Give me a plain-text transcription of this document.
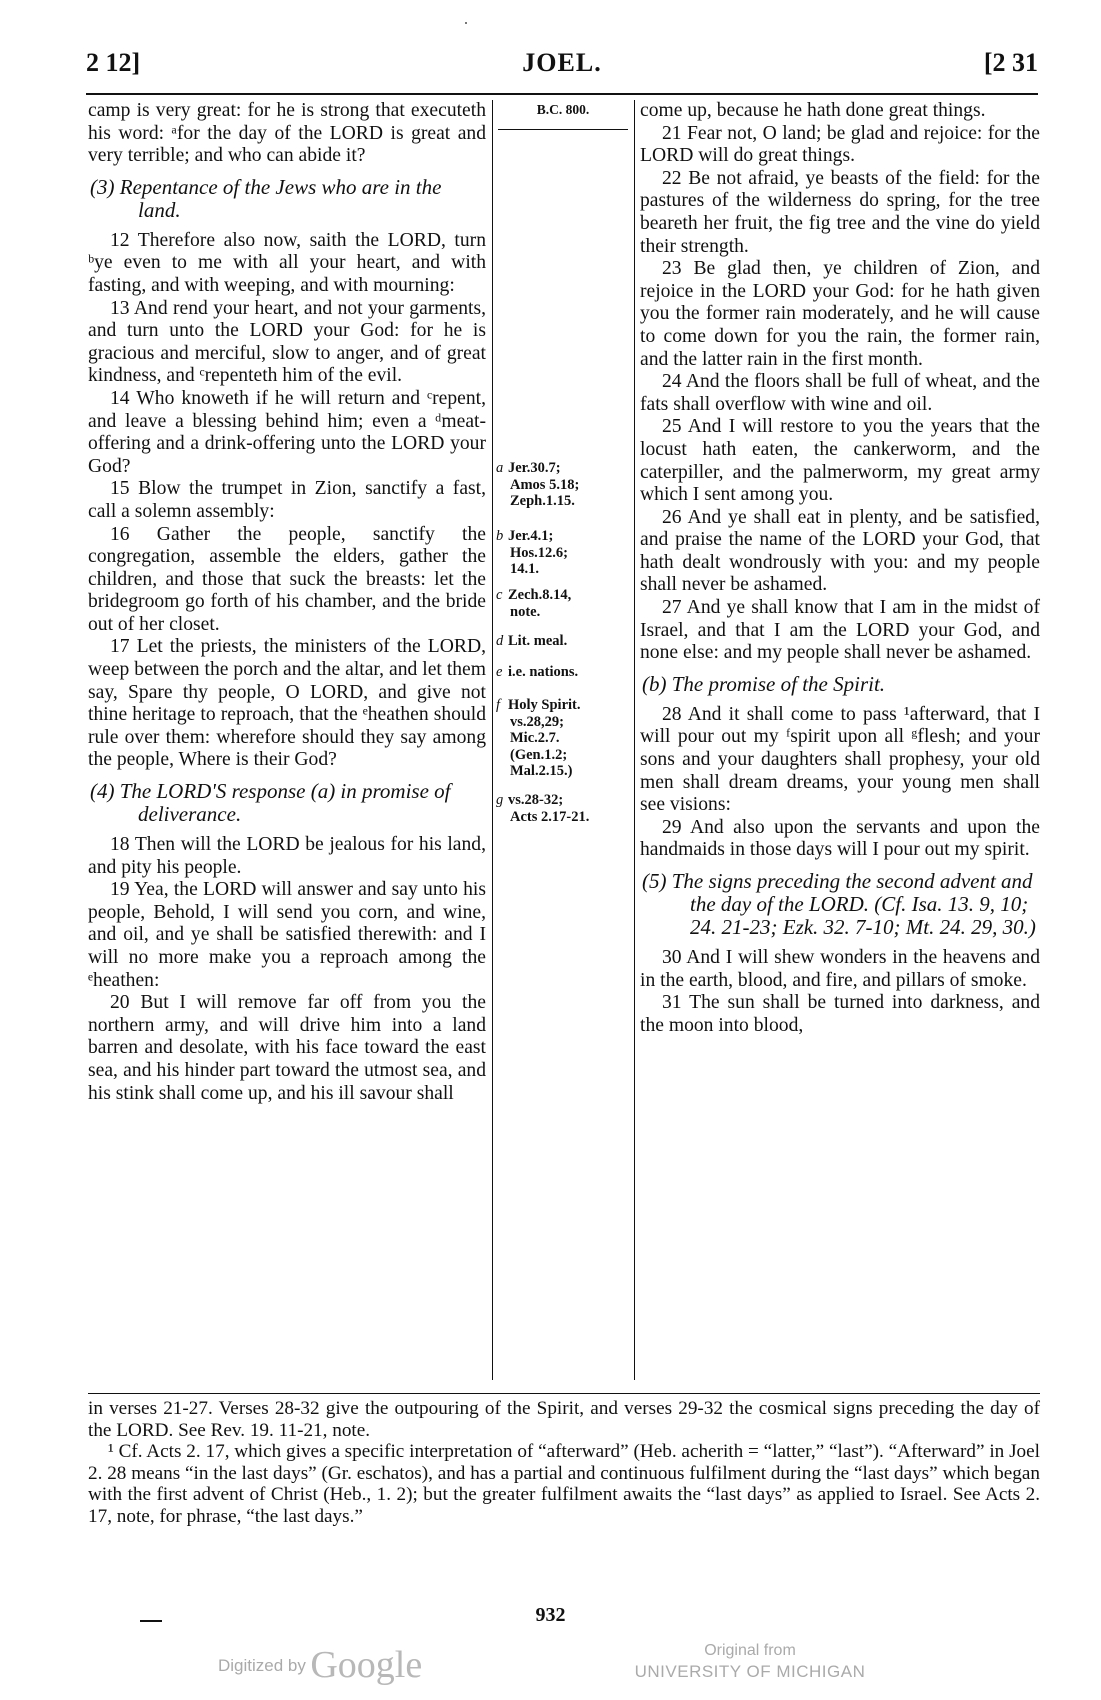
2 12]	JOEL.	[2 31

camp is very great: for he is strong that executeth his word: ᵃfor the day of the LORD is great and very terrible; and who can abide it?

(3) Repentance of the Jews who are in the land.

12 Therefore also now, saith the LORD, turn ᵇye even to me with all your heart, and with fasting, and with weeping, and with mourning:

13 And rend your heart, and not your garments, and turn unto the LORD your God: for he is gracious and merciful, slow to anger, and of great kindness, and ᶜrepenteth him of the evil.

14 Who knoweth if he will return and ᶜrepent, and leave a blessing behind him; even a ᵈmeat-offering and a drink-offering unto the LORD your God?

15 Blow the trumpet in Zion, sanctify a fast, call a solemn assembly:

16 Gather the people, sanctify the congregation, assemble the elders, gather the children, and those that suck the breasts: let the bridegroom go forth of his chamber, and the bride out of her closet.

17 Let the priests, the ministers of the LORD, weep between the porch and the altar, and let them say, Spare thy people, O LORD, and give not thine heritage to reproach, that the ᵉheathen should rule over them: wherefore should they say among the people, Where is their God?

(4) The LORD'S response (a) in promise of deliverance.

18 Then will the LORD be jealous for his land, and pity his people.

19 Yea, the LORD will answer and say unto his people, Behold, I will send you corn, and wine, and oil, and ye shall be satisfied therewith: and I will no more make you a reproach among the ᵉheathen:

20 But I will remove far off from you the northern army, and will drive him into a land barren and desolate, with his face toward the east sea, and his hinder part toward the utmost sea, and his stink shall come up, and his ill savour shall

B.C. 800.
a Jer.30.7;
Amos 5.18;
Zeph.1.15.
b Jer.4.1;
Hos.12.6;
14.1.
c Zech.8.14,
note.
d Lit. meal.
e i.e. nations.
f Holy Spirit.
vs.28,29;
Mic.2.7.
(Gen.1.2;
Mal.2.15.)
g vs.28-32;
Acts 2.17-21.

come up, because he hath done great things.

21 Fear not, O land; be glad and rejoice: for the LORD will do great things.

22 Be not afraid, ye beasts of the field: for the pastures of the wilderness do spring, for the tree beareth her fruit, the fig tree and the vine do yield their strength.

23 Be glad then, ye children of Zion, and rejoice in the LORD your God: for he hath given you the former rain moderately, and he will cause to come down for you the rain, the former rain, and the latter rain in the first month.

24 And the floors shall be full of wheat, and the fats shall overflow with wine and oil.

25 And I will restore to you the years that the locust hath eaten, the cankerworm, and the caterpiller, and the palmerworm, my great army which I sent among you.

26 And ye shall eat in plenty, and be satisfied, and praise the name of the LORD your God, that hath dealt wondrously with you: and my people shall never be ashamed.

27 And ye shall know that I am in the midst of Israel, and that I am the LORD your God, and none else: and my people shall never be ashamed.

(b) The promise of the Spirit.

28 And it shall come to pass ¹afterward, that I will pour out my ᶠspirit upon all ᵍflesh; and your sons and your daughters shall prophesy, your old men shall dream dreams, your young men shall see visions:

29 And also upon the servants and upon the handmaids in those days will I pour out my spirit.

(5) The signs preceding the second advent and the day of the LORD. (Cf. Isa. 13. 9, 10; 24. 21-23; Ezk. 32. 7-10; Mt. 24. 29, 30.)

30 And I will shew wonders in the heavens and in the earth, blood, and fire, and pillars of smoke.

31 The sun shall be turned into darkness, and the moon into blood,

in verses 21-27. Verses 28-32 give the outpouring of the Spirit, and verses 29-32 the cosmical signs preceding the day of the LORD. See Rev. 19. 11-21, note.

¹ Cf. Acts 2. 17, which gives a specific interpretation of “afterward” (Heb. acherith = “latter,” “last”). “Afterward” in Joel 2. 28 means “in the last days” (Gr. eschatos), and has a partial and continuous fulfilment during the “last days” which began with the first advent of Christ (Heb., 1. 2); but the greater fulfilment awaits the “last days” as applied to Israel. See Acts 2. 17, note, for phrase, “the last days.”

932
Digitized by Google	Original from
UNIVERSITY OF MICHIGAN
